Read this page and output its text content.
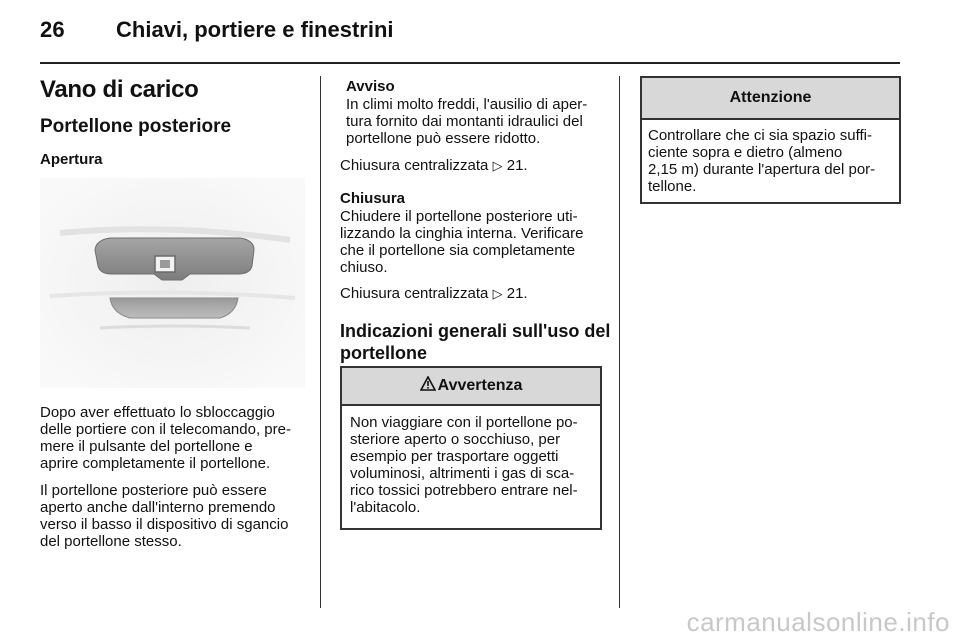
26 Chiavi, portiere e finestrini
Vano di carico
Portellone posteriore
Apertura
Dopo aver effettuato lo sbloccaggio
delle portiere con il telecomando, pre-
mere il pulsante del portellone e
aprire completamente il portellone.
Il portellone posteriore può essere
aperto anche dall'interno premendo
verso il basso il dispositivo di sgancio
del portellone stesso.
Avviso
In climi molto freddi, l'ausilio di aper-
tura fornito dai montanti idraulici del
portellone può essere ridotto.
Chiusura centralizzata ▷ 21.
Chiusura
Chiudere il portellone posteriore uti-
lizzando la cinghia interna. Verificare
che il portellone sia completamente
chiuso.
Chiusura centralizzata ▷ 21.
Indicazioni generali sull'uso del
portellone
Avvertenza
Non viaggiare con il portellone po-
steriore aperto o socchiuso, per
esempio per trasportare oggetti
voluminosi, altrimenti i gas di sca-
rico tossici potrebbero entrare nel-
l'abitacolo.
Attenzione
Controllare che ci sia spazio suffi-
ciente sopra e dietro (almeno
2,15 m) durante l'apertura del por-
tellone.
carmanualsonline.info
